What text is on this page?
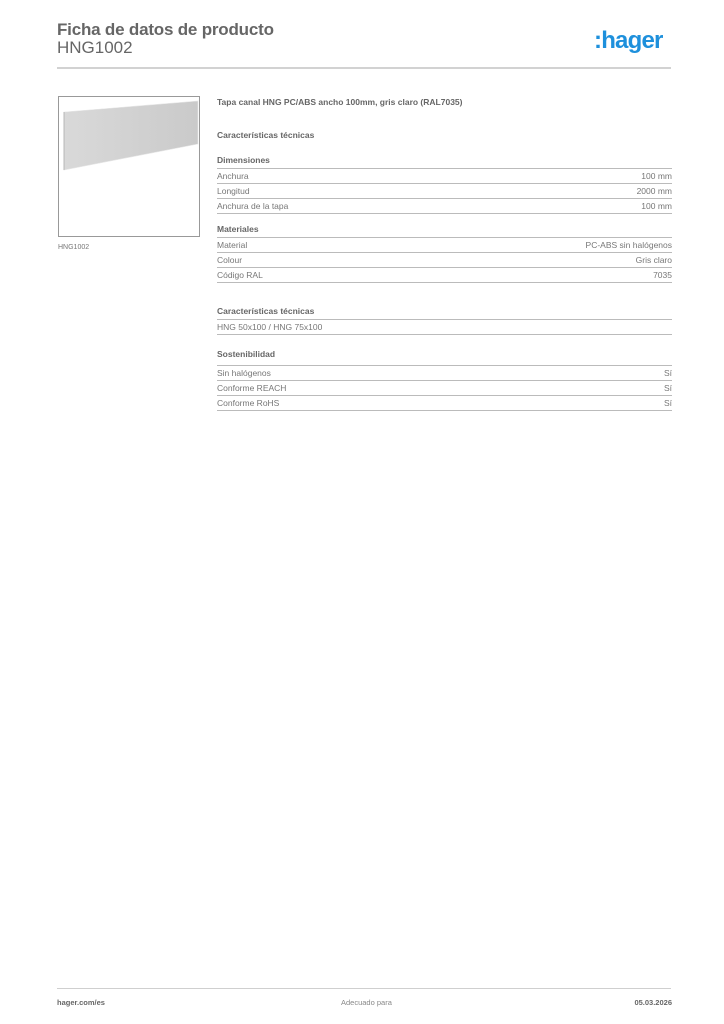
Ficha de datos de producto
HNG1002	:hager
HNG1002
Tapa canal HNG PC/ABS ancho 100mm, gris claro (RAL7035)
Características técnicas
Dimensiones
Anchura	100 mm
Longitud	2000 mm
Anchura de la tapa	100 mm
Materiales
Material	PC-ABS sin halógenos
Colour	Gris claro
Código RAL	7035
Características técnicas
HNG 50x100 / HNG 75x100
Sostenibilidad
Sin halógenos	Sí
Conforme REACH	Sí
Conforme RoHS	Sí
hager.com/es	Adecuado para	05.03.2026
